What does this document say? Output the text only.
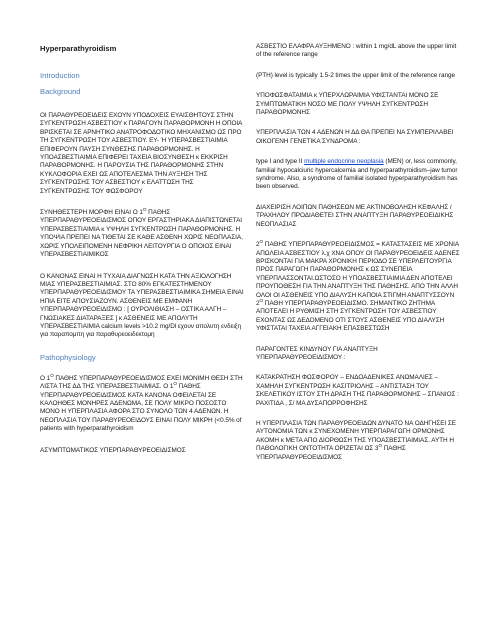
Hyperparathyroidism

Introduction

Background

ΟΙ ΠΑΡΑΘΥΡΕΟΕΙΔΕΙΣ ΕΧΟΥΝ ΥΠΟΔΟΧΕΙΣ ΕΥΑΙΣΘΗΤΟΥΣ ΣΤΗΝ ΣΥΓΚΕΝΤΡΩΣΗ ΑΣΒΕΣΤΙΟΥ κ ΠΑΡΑΓΟΥΝ ΠΑΡΑΘΟΡΜΟΝΗ Η ΟΠΟΙΑ ΒΡΙΣΚΕΤΑΙ ΣΕ ΑΡΝΗΤΙΚΟ ΑΝΑΤΡΟΦΟΔΟΤΙΚΟ ΜΗΧΑΝΙΣΜΟ ΩΣ ΠΡΟ ΤΗ ΣΥΓΚΕΝΤΡΩΣΗ ΤΟΥ ΑΣΒΕΣΤΙΟΥ. ΕΥ- Ή ΥΠΕΡΑΣΒΕΣΤΙΑΙΜΙΑ ΕΠΙΦΕΡΟΥΝ ΠΑΥΣΗ ΣΥΝΘΕΣΗΣ ΠΑΡΑΘΟΡΜΟΝΗΣ. Η ΥΠΟΑΣΒΕΣΤΙΑΙΜΙΑ ΕΠΙΦΕΡΕΙ ΤΑΧΕΙΑ ΒΙΟΣΥΝΘΕΣΗ κ ΕΚΚΡΙΣΗ ΠΑΡΑΘΟΡΜΟΝΗΣ. Η ΠΑΡΟΥΣΙΑ ΤΗΣ ΠΑΡΑΘΟΡΜΟΝΗΣ ΣΤΗΝ ΚΥΚΛΟΦΟΡΙΑ ΕΧΕΙ ΩΣ ΑΠΟΤΕΛΕΣΜΑ ΤΗΝ ΑΥΞΗΣΗ ΤΗΣ ΣΥΓΚΕΝΤΡΩΣΗΣ ΤΟΥ ΑΣΒΕΣΤΙΟΥ κ ΕΛΑΤΤΩΣΗ ΤΗΣ ΣΥΓΚΕΝΤΡΩΣΗΣ ΤΟΥ ΦΩΣΦΟΡΟΥ

ΣΥΝΗΘΕΣΤΕΡΗ ΜΟΡΦΗ ΕΙΝΑΙ Ο $1^O$ ΠΑΘΗΣ ΥΠΕΡΠΑΡΑΘΥΡΕΟΕΙΔΙΣΜΟΣ ΟΠΟΥ ΕΡΓΑΣΤΗΡΙΑΚΑ ΔΙΑΠΙΣΤΩΝΕΤΑΙ ΥΠΕΡΑΣΒΕΣΤΙΑΙΜΙΑ κ ΥΨΗΛΗ ΣΥΓΚΕΝΤΡΩΣΗ ΠΑΡΑΘΟΡΜΟΝΗΣ. Η ΥΠΟΨΙΑ ΠΡΕΠΕΙ ΝΑ ΤΙΘΕΤΑΙ ΣΕ ΚΑΘΕ ΑΣΘΕΝΗ ΧΩΡΙΣ ΝΕΟΠΛΑΣΙΑ, ΧΩΡΙΣ ΥΠΟΛΕΙΠΟΜΕΝΗ ΝΕΦΡΙΚΗ ΛΕΙΤΟΥΡΓΙΑ Ο ΟΠΟΙΟΣ ΕΙΝΑΙ ΥΠΕΡΑΣΒΕΣΤΙΑΙΜΙΚΟΣ

Ο ΚΑΝΟΝΑΣ ΕΙΝΑΙ Η ΤΥΧΑΙΑ ΔΙΑΓΝΩΣΗ ΚΑΤΑ ΤΗΝ ΑΞΙΟΛΟΓΗΣΗ ΜΙΑΣ ΥΠΕΡΑΣΒΕΣΤΙΑΙΜΙΑΣ. ΣΤΟ 80% ΕΓΚΑΤΕΣΤΗΜΕΝΟΥ ΥΠΕΡΠΑΡΑΘΥΡΕΟΕΙΔΙΣΜΟΥ ΤΑ ΥΠΕΡΑΣΒΕΣΤΙΑΙΜΙΚΑ ΣΗΜΕΙΑ ΕΙΝΑΙ ΗΠΙΑ ΕΙΤΕ ΑΠΟΥΣΙΑΖΟΥΝ. ΑΣΘΕΝΕΙΣ ΜΕ ΕΜΦΑΝΗ ΥΠΕΡΠΑΡΑΘΥΡΕΟΕΙΔΙΣΜΟ : [ ΟΥΡΟΛΙΘΙΑΣΗ – ΟΣΤΙΚΑ ΑΛΓΗ – ΓΝΩΣΙΑΚΕΣ ΔΙΑΤΑΡΑΞΕΣ ] κ ΑΣΘΕΝΕΙΣ ΜΕ ΑΠΟΛΥΤΗ ΥΠΕΡΑΣΒΕΣΤΙΑΙΜΙΑ calcium levels >10.2 mg/Dl εχουν απολυτη ενδειξη για παραπομπη για παραθυρεοειδεκτομη

Pathophysiology

Ο $1^O$ ΠΑΘΗΣ ΥΠΕΡΠΑΡΑΘΥΡΕΟΕΙΔΙΣΜΟΣ ΕΧΕΙ ΜΟΝΙΜΗ ΘΕΣΗ ΣΤΗ ΛΙΣΤΑ ΤΗΣ ΔΔ ΤΗΣ ΥΠΕΡΑΣΒΕΣΤΙΑΙΜΙΑΣ. Ο $1^O$ ΠΑΘΗΣ ΥΠΕΡΠΑΡΑΘΥΡΕΟΕΙΔΙΣΜΟΣ ΚΑΤΑ ΚΑΝΟΝΑ ΟΦΕΙΛΕΤΑΙ ΣΕ ΚΑΛΟΗΘΕΣ ΜΟΝΗΡΕΣ ΑΔΕΝΩΜΑ, ΣΕ ΠΟΛΥ ΜΙΚΡΟ ΠΟΣΟΣΤΟ ΜΟΝΟ Η ΥΠΕΡΠΛΑΣΙΑ ΑΦΟΡΑ ΣΤΟ ΣΥΝΟΛΟ ΤΩΝ 4 ΑΔΕΝΩΝ. Η ΝΕΟΠΛΑΣΙΑ ΤΟΥ ΠΑΡΑΘΥΡΕΟΕΙΔΟΥΣ ΕΙΝΑΙ ΠΟΛΥ ΜΙΚΡΗ (<0.5% of patients with hyperparathyroidism

ΑΣΥΜΠΤΩΜΑΤΙΚΟΣ ΥΠΕΡΠΑΡΑΘΥΡΕΟΕΙΔΙΣΜΟΣ

ΑΣΒΕΣΤΙΟ ΕΛΑΦΡΑ ΑΥΞΗΜΕΝΟ : within 1 mg/dL above the upper limit of the reference range

(PTH) level is typically 1.5-2 times the upper limit of the reference range

ΥΠΟΦΩΣΦΑΤΑΙΜΙΑ κ ΥΠΕΡΧΛΩΡΑΙΜΙΑ ΥΦΙΣΤΑΝΤΑΙ ΜΟΝΟ ΣΕ ΣΥΜΠΤΩΜΑΤΙΚΗ ΝΟΣΟ ΜΕ ΠΟΛΥ ΥΨΗΛΗ ΣΥΓΚΕΝΤΡΩΣΗ ΠΑΡΑΘΟΡΜΟΝΗΣ

ΥΠΕΡΠΛΑΣΙΑ ΤΩΝ 4 ΑΔΕΝΩΝ Η ΔΔ ΘΑ ΠΡΕΠΕΙ ΝΑ ΣΥΜΠΕΡΙΛΑΒΕΙ ΟΙΚΟΓΕΝΗ ΓΕΝΕΤΙΚΑ ΣΥΝΔΡΟΜΑ :

type I and type II multiple endocrine neoplasia (MEN) or, less commonly, familial hypocalciuric hypercalcemia and hyperparathyroidism–jaw tumor syndrome. Also, a syndrome of familial isolated hyperparathyroidism has been observed.

ΔΙΑΧΕΙΡΙΣΗ ΛΟΙΠΩΝ ΠΑΘΗΣΕΩΝ ΜΕ ΑΚΤΙΝΟΒΟΛΗΣΗ ΚΕΦΑΛΗΣ / ΤΡΑΧΗΛΟΥ ΠΡΟΔΙΑΘΕΤΕΙ ΣΤΗΝ ΑΝΑΠΤΥΞΗ ΠΑΡΑΘΥΡΕΟΕΙΔΙΚΗΣ ΝΕΟΠΛΑΣΙΑΣ

$2^O$ ΠΑΘΗΣ ΥΠΕΡΠΑΡΑΘΥΡΕΟΕΙΔΙΣΜΟΣ = ΚΑΤΑΣΤΑΣΕΙΣ ΜΕ ΧΡΟΝΙΑ ΑΠΩΛΕΙΑ ΑΣΒΕΣΤΙΟΥ λ.χ ΧΝΑ ΟΠΟΥ ΟΙ ΠΑΡΑΘΥΡΕΟΕΙΔΕΙΣ ΑΔΕΝΕΣ ΒΡΙΣΚΟΝΤΑΙ ΓΙΑ ΜΑΚΡΑ ΧΡΟΝΙΚΗ ΠΕΡΙΟΔΟ ΣΕ ΥΠΕΡΛΕΙΤΟΥΡΓΙΑ ΠΡΟΣ ΠΑΡΑΓΩΓΗ ΠΑΡΑΘΟΡΜΟΝΗΣ κ ΩΣ ΣΥΝΕΠΕΙΑ ΥΠΕΡΠΛΑΣΣΟΝΤΑΙ.ΩΣΤΟΣΟ Η ΥΠΟΑΣΒΕΣΤΙΑΙΜΙΑ ΔΕΝ ΑΠΟΤΕΛΕΙ ΠΡΟΥΠΟΘΕΣΗ ΓΙΑ ΤΗΝ ΑΝΑΠΤΥΞΗ ΤΗΣ ΠΑΘΗΣΗΣ. ΑΠΟ ΤΗΝ ΑΛΛΗ ΟΛΟΙ ΟΙ ΑΣΘΕΝΕΙΣ ΥΠΟ ΔΙΑΛΥΣΗ ΚΑΠΟΙΑ ΣΤΙΓΜΗ ΑΝΑΠΤΥΣΣΟΥΝ $2^O$ ΠΑΘΗ ΥΠΕΡΠΑΡΑΘΥΡΕΟΕΙΔΙΣΜΟ. ΣΗΜΑΝΤΙΚΟ ΖΗΤΗΜΑ ΑΠΟΤΕΛΕΙ Η ΡΥΘΜΙΣΗ ΣΤΗ ΣΥΓΚΕΝΤΡΩΣΗ ΤΟΥ ΑΣΒΕΣΤΙΟΥ ΕΧΟΝΤΑΣ ΩΣ ΔΕΔΟΜΕΝΟ ΟΤΙ ΣΤΟΥΣ ΑΣΘΕΝΕΙΣ ΥΠΟ ΔΙΑΛΥΣΗ ΥΦΙΣΤΑΤΑΙ ΤΑΧΕΙΑ ΑΓΓΕΙΑΚΗ ΕΠΑΣΒΕΣΤΩΣΗ

ΠΑΡΑΓΟΝΤΕΣ ΚΙΝΔΥΝΟΥ ΓΙΑ ΑΝΑΠΤΥΞΗ ΥΠΕΡΠΑΡΑΘΥΡΕΟΕΙΔΙΣΜΟΥ :

ΚΑΤΑΚΡΑΤΗΣΗ ΦΩΣΦΟΡΟΥ – ΕΝΔΟΑΔΕΝΙΚΕΣ ΑΝΩΜΑΛΙΕΣ – ΧΑΜΗΛΗ ΣΥΓΚΕΝΤΡΩΣΗ ΚΑΣΙΤΡΙΟΛΗΣ – ΑΝΤΙΣΤΑΣΗ ΤΟΥ ΣΚΕΛΕΤΙΚΟΥ ΙΣΤΟΥ ΣΤΗ ΔΡΑΣΗ ΤΗΣ ΠΑΡΑΘΟΡΜΟΝΗΣ – ΣΠΑΝΙΟΣ : ΡΑΧΙΤΙΔΑ , Σ/ ΜΑ ΔΥΣΑΠΟΡΡΟΦΗΣΗΣ

Η ΥΠΕΡΠΛΑΣΙΑ ΤΩΝ ΠΑΡΑΘΥΡΕΟΕΙΔΩΝ ΔΥΝΑΤΟ ΝΑ ΟΔΗΓΗΣΕΙ ΣΕ ΑΥΤΟΝΟΜΙΑ ΤΩΝ κ ΣΥΝΕΧΟΜΕΝΗ ΥΠΕΡΠΑΡΑΓΩΓΗ ΟΡΜΟΝΗΣ ΑΚΟΜΗ κ ΜΕΤΑ ΑΠΟ ΔΙΟΡΘΩΣΗ ΤΗΣ ΥΠΟΑΣΒΕΣΤΙΑΙΜΙΑΣ. ΑΥΤΗ Η ΠΑΘΟΛΟΓΙΚΗ ΟΝΤΟΤΗΤΑ ΟΡΙΖΕΤΑΙ ΩΣ $3^O$ ΠΑΘΗΣ ΥΠΕΡΠΑΡΑΘΥΡΕΟΕΙΔΙΣΜΟΣ
